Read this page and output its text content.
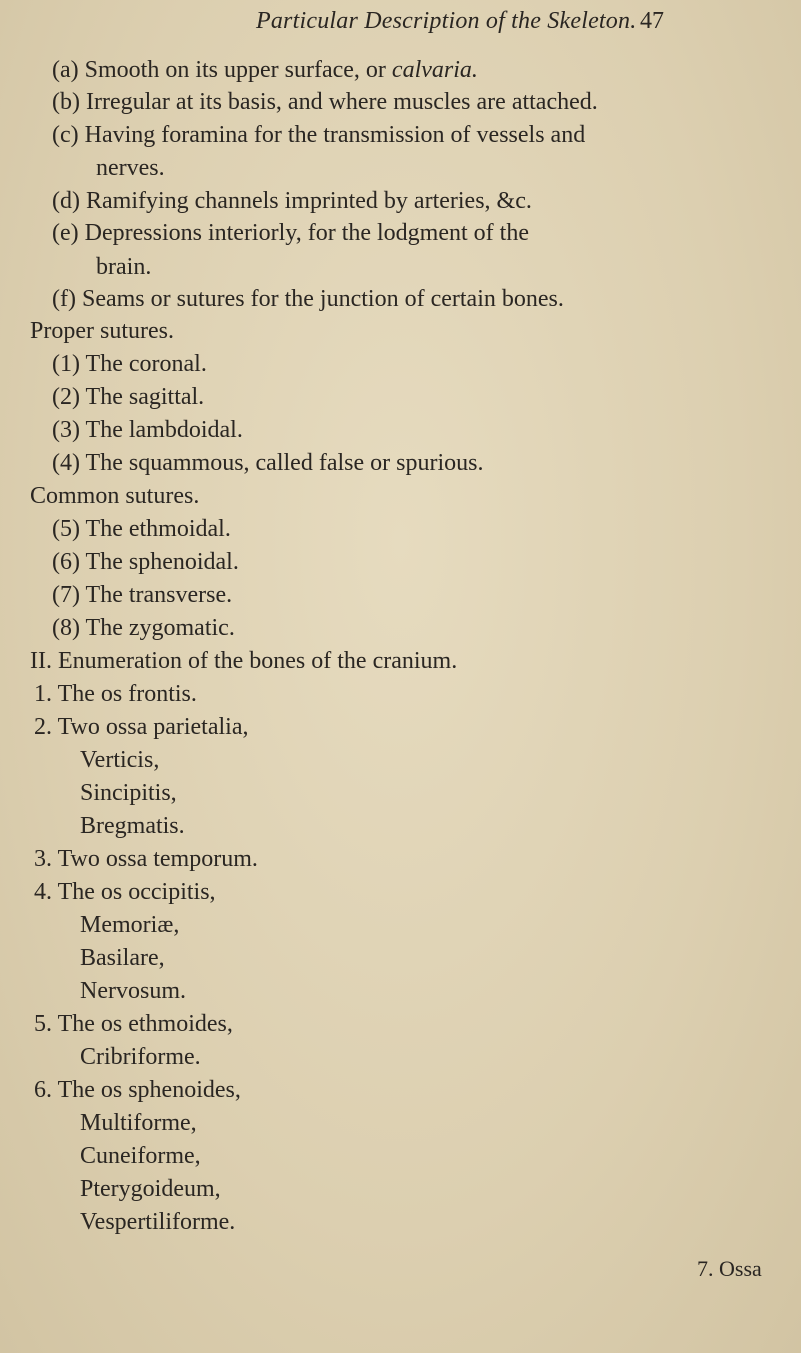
Particular Description of the Skeleton. 47
(a) Smooth on its upper surface, or calvaria.
(b) Irregular at its basis, and where muscles are attached.
(c) Having foramina for the transmission of vessels and
nerves.
(d) Ramifying channels imprinted by arteries, &c.
(e) Depressions interiorly, for the lodgment of the
brain.
(f) Seams or sutures for the junction of certain bones.
Proper sutures.
(1) The coronal.
(2) The sagittal.
(3) The lambdoidal.
(4) The squammous, called false or spurious.
Common sutures.
(5) The ethmoidal.
(6) The sphenoidal.
(7) The transverse.
(8) The zygomatic.
II. Enumeration of the bones of the cranium.
1. The os frontis.
2. Two ossa parietalia,
Verticis,
Sincipitis,
Bregmatis.
3. Two ossa temporum.
4. The os occipitis,
Memoriæ,
Basilare,
Nervosum.
5. The os ethmoides,
Cribriforme.
6. The os sphenoides,
Multiforme,
Cuneiforme,
Pterygoideum,
Vespertiliforme.
7. Ossa
